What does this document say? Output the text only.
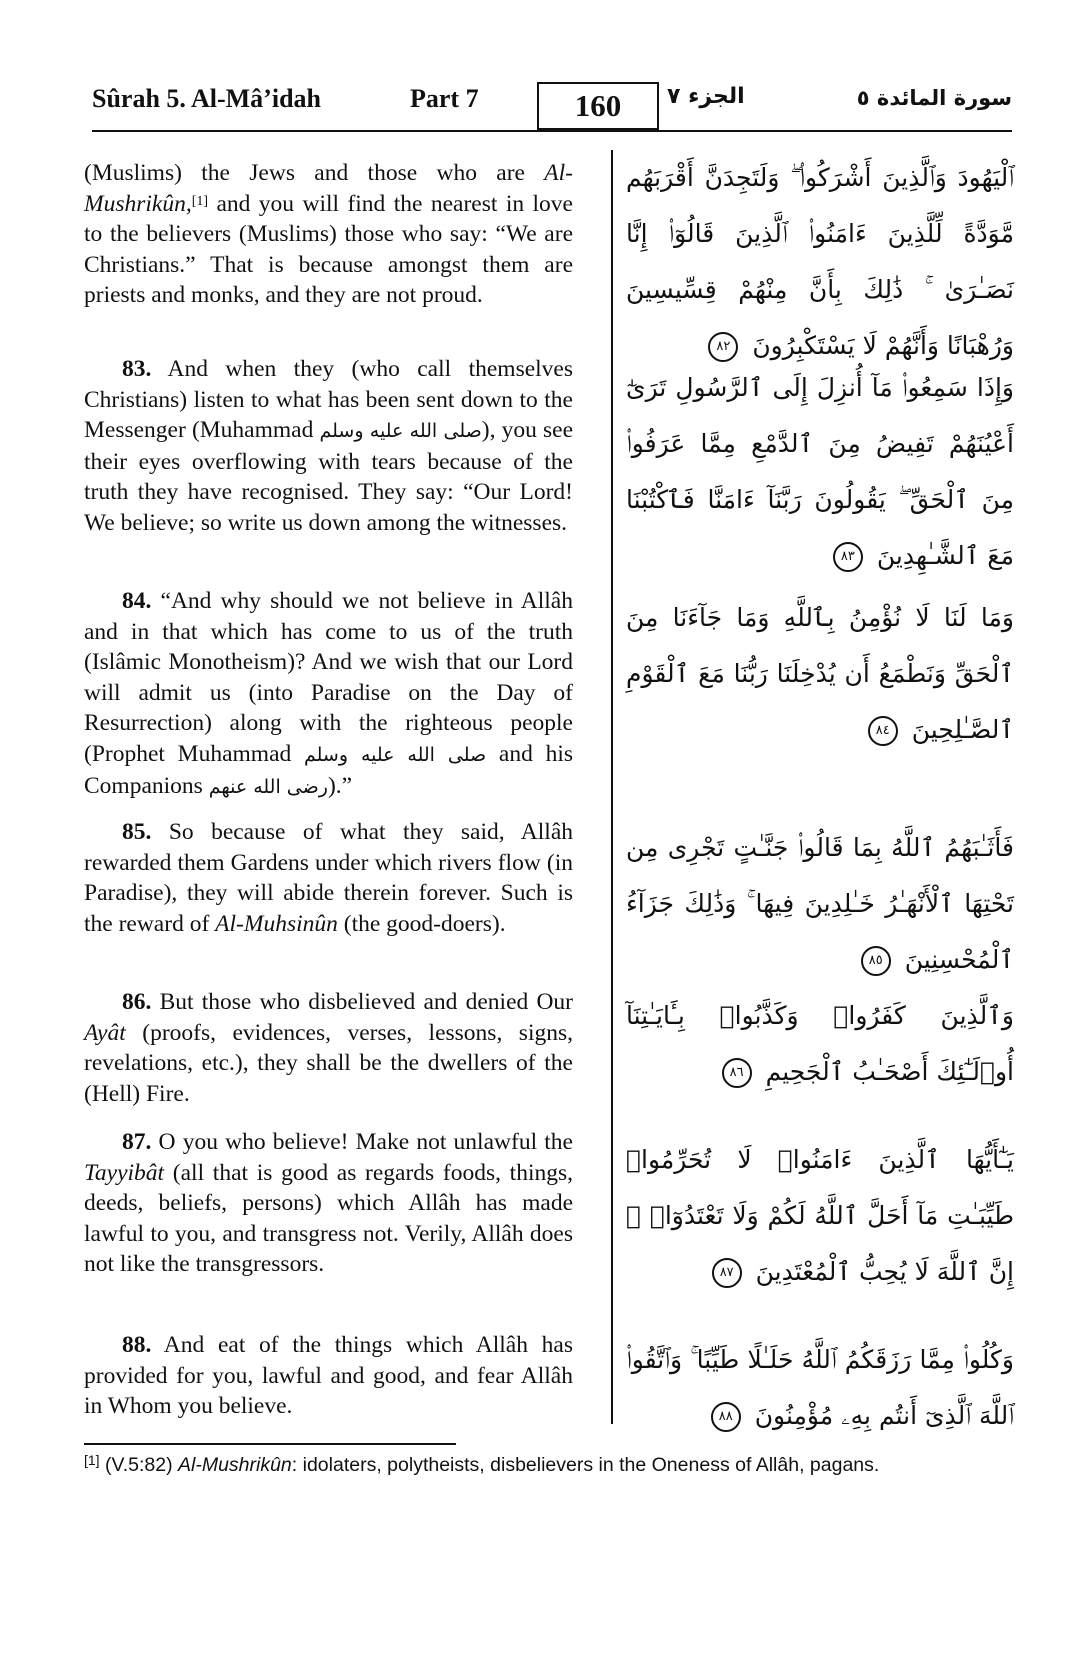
Sûrah 5. Al-Mâ’idah	Part 7	160	الجزء ٧	سورة المائدة ٥

(Muslims) the Jews and those who are Al-Mushrikûn,[1] and you will find the nearest in love to the believers (Muslims) those who say: “We are Christians.” That is because amongst them are priests and monks, and they are not proud.

83. And when they (who call themselves Christians) listen to what has been sent down to the Messenger (Muhammad صلى الله عليه وسلم), you see their eyes overflowing with tears because of the truth they have recognised. They say: “Our Lord! We believe; so write us down among the witnesses.

84. “And why should we not believe in Allâh and in that which has come to us of the truth (Islâmic Monotheism)? And we wish that our Lord will admit us (into Paradise on the Day of Resurrection) along with the righteous people (Prophet Muhammad صلى الله عليه وسلم and his Companions رضى الله عنهم).”

85. So because of what they said, Allâh rewarded them Gardens under which rivers flow (in Paradise), they will abide therein forever. Such is the reward of Al-Muhsinûn (the good-doers).

86. But those who disbelieved and denied Our Ayât (proofs, evidences, verses, lessons, signs, revelations, etc.), they shall be the dwellers of the (Hell) Fire.

87. O you who believe! Make not unlawful the Tayyibât (all that is good as regards foods, things, deeds, beliefs, persons) which Allâh has made lawful to you, and transgress not. Verily, Allâh does not like the transgressors.

88. And eat of the things which Allâh has provided for you, lawful and good, and fear Allâh in Whom you believe.

ٱلْيَهُودَ وَٱلَّذِينَ أَشْرَكُوا۟ ۖ وَلَتَجِدَنَّ أَقْرَبَهُم مَّوَدَّةً لِّلَّذِينَ ءَامَنُوا۟ ٱلَّذِينَ قَالُوٓا۟ إِنَّا نَصَـٰرَىٰ ۚ ذَٰلِكَ بِأَنَّ مِنْهُمْ قِسِّيسِينَ وَرُهْبَانًا وَأَنَّهُمْ لَا يَسْتَكْبِرُونَ ٨٢
وَإِذَا سَمِعُوا۟ مَآ أُنزِلَ إِلَى ٱلرَّسُولِ تَرَىٰٓ أَعْيُنَهُمْ تَفِيضُ مِنَ ٱلدَّمْعِ مِمَّا عَرَفُوا۟ مِنَ ٱلْحَقِّ ۖ يَقُولُونَ رَبَّنَآ ءَامَنَّا فَٱكْتُبْنَا مَعَ ٱلشَّـٰهِدِينَ ٨٣
وَمَا لَنَا لَا نُؤْمِنُ بِٱللَّهِ وَمَا جَآءَنَا مِنَ ٱلْحَقِّ وَنَطْمَعُ أَن يُدْخِلَنَا رَبُّنَا مَعَ ٱلْقَوْمِ ٱلصَّـٰلِحِينَ ٨٤
فَأَثَـٰبَهُمُ ٱللَّهُ بِمَا قَالُوا۟ جَنَّـٰتٍ تَجْرِى مِن تَحْتِهَا ٱلْأَنْهَـٰرُ خَـٰلِدِينَ فِيهَا ۚ وَذَٰلِكَ جَزَآءُ ٱلْمُحْسِنِينَ ٨٥
وَٱلَّذِينَ كَفَرُوا۟ وَكَذَّبُوا۟ بِـَٔايَـٰتِنَآ أُو۟لَـٰٓئِكَ أَصْحَـٰبُ ٱلْجَحِيمِ ٨٦
يَـٰٓأَيُّهَا ٱلَّذِينَ ءَامَنُوا۟ لَا تُحَرِّمُوا۟ طَيِّبَـٰتِ مَآ أَحَلَّ ٱللَّهُ لَكُمْ وَلَا تَعْتَدُوٓا۟ ۚ إِنَّ ٱللَّهَ لَا يُحِبُّ ٱلْمُعْتَدِينَ ٨٧
وَكُلُوا۟ مِمَّا رَزَقَكُمُ ٱللَّهُ حَلَـٰلًا طَيِّبًا ۚ وَٱتَّقُوا۟ ٱللَّهَ ٱلَّذِىٓ أَنتُم بِهِۦ مُؤْمِنُونَ ٨٨
[1] (V.5:82) Al-Mushrikûn: idolaters, polytheists, disbelievers in the Oneness of Allâh, pagans.
